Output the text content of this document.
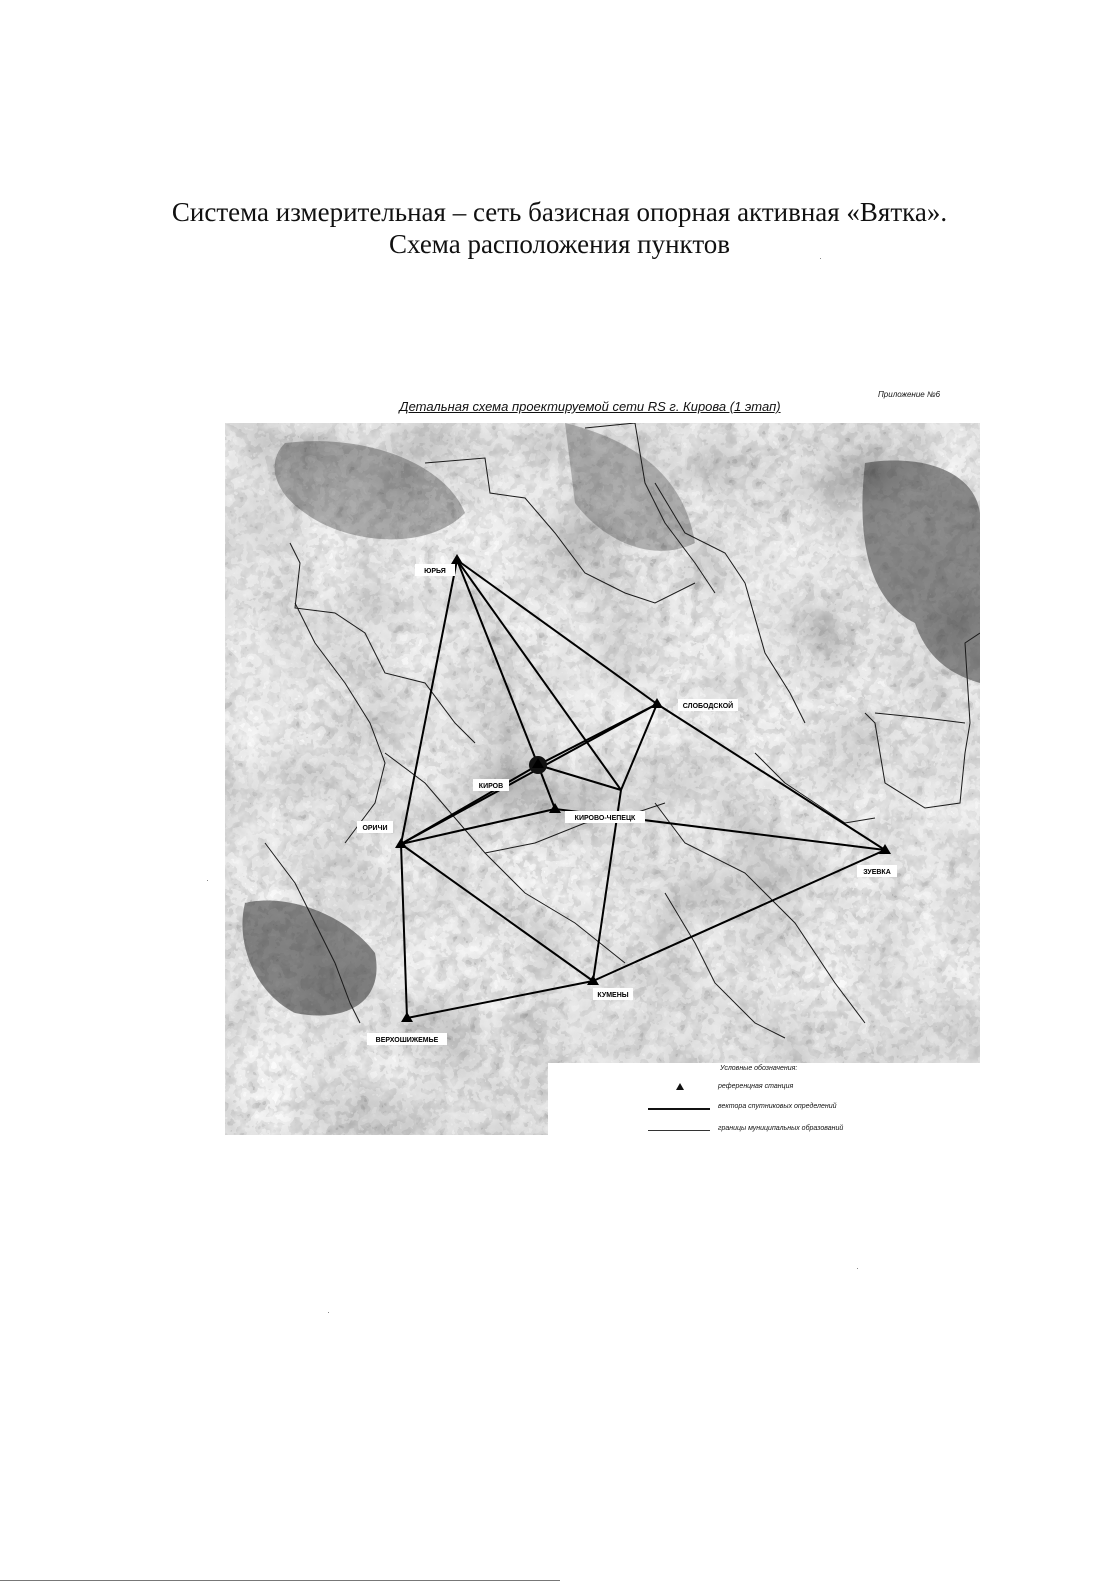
Система измерительная – сеть базисная опорная активная «Вятка».
Схема расположения пунктов
Приложение №6
Детальная схема проектируемой сети RS г. Кирова (1 этап)
ЮРЬЯ
СЛОБОДСКОЙ
КИРОВ
КИРОВО-ЧЕПЕЦК
ОРИЧИ
ЗУЕВКА
КУМЕНЫ
ВЕРХОШИЖЕМЬЕ
Условные обозначения:
референцная станция
вектора спутниковых определений
границы муниципальных образований
